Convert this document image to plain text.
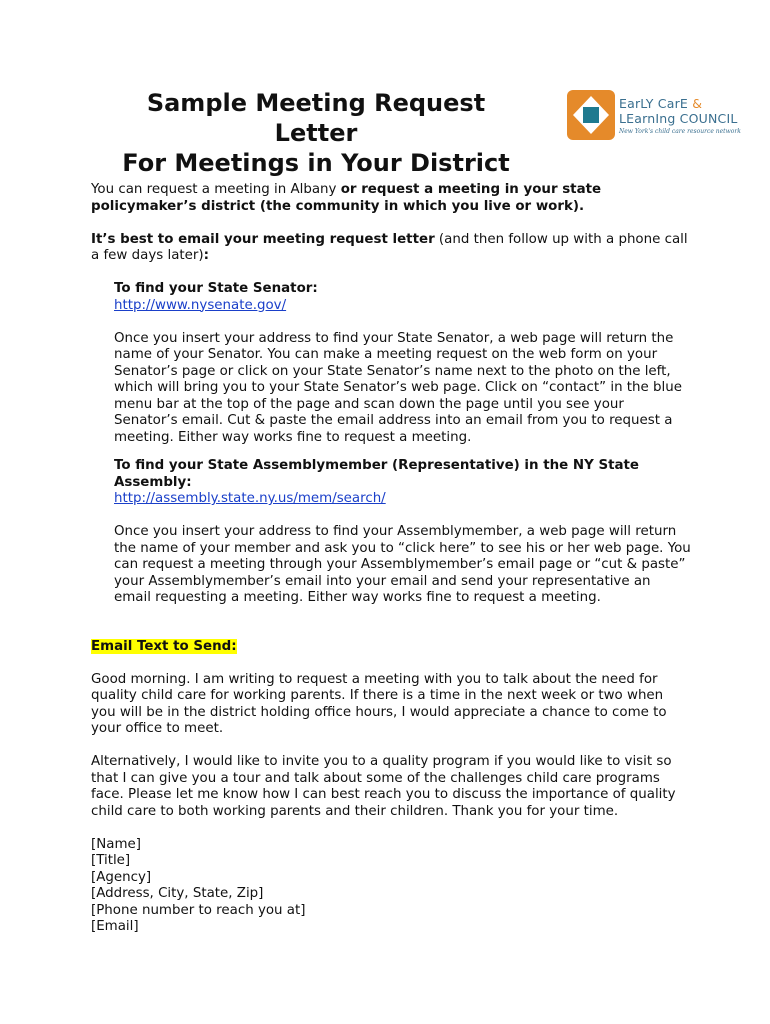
Sample Meeting Request
Letter
For Meetings in Your District
EarLY CarE &
LEarnIng COUNCIL
New York's child care resource network

You can request a meeting in Albany or request a meeting in your state policymaker’s district (the community in which you live or work).

It’s best to email your meeting request letter (and then follow up with a phone call a few days later):

To find your State Senator:

http://www.nysenate.gov/

Once you insert your address to find your State Senator, a web page will return the name of your Senator. You can make a meeting request on the web form on your Senator’s page or click on your State Senator’s name next to the photo on the left, which will bring you to your State Senator’s web page. Click on “contact” in the blue menu bar at the top of the page and scan down the page until you see your Senator’s email. Cut & paste the email address into an email from you to request a meeting. Either way works fine to request a meeting.

To find your State Assemblymember (Representative) in the NY State Assembly:

http://assembly.state.ny.us/mem/search/

Once you insert your address to find your Assemblymember, a web page will return the name of your member and ask you to “click here” to see his or her web page. You can request a meeting through your Assemblymember’s email page or “cut & paste” your Assemblymember’s email into your email and send your representative an email requesting a meeting. Either way works fine to request a meeting.

Email Text to Send:

Good morning. I am writing to request a meeting with you to talk about the need for quality child care for working parents. If there is a time in the next week or two when you will be in the district holding office hours, I would appreciate a chance to come to your office to meet.

Alternatively, I would like to invite you to a quality program if you would like to visit so that I can give you a tour and talk about some of the challenges child care programs face. Please let me know how I can best reach you to discuss the importance of quality child care to both working parents and their children. Thank you for your time.

[Name]

[Title]

[Agency]

[Address, City, State, Zip]

[Phone number to reach you at]

[Email]
